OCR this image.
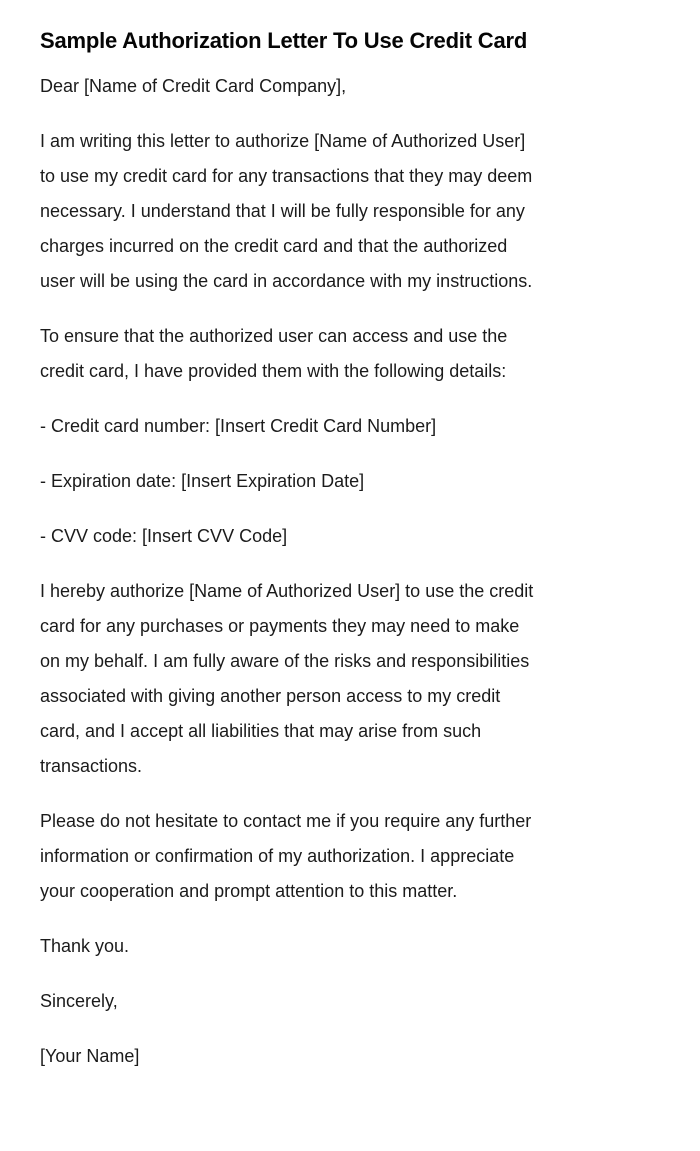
Sample Authorization Letter To Use Credit Card

Dear [Name of Credit Card Company],

I am writing this letter to authorize [Name of Authorized User]
to use my credit card for any transactions that they may deem
necessary. I understand that I will be fully responsible for any
charges incurred on the credit card and that the authorized
user will be using the card in accordance with my instructions.

To ensure that the authorized user can access and use the
credit card, I have provided them with the following details:

- Credit card number: [Insert Credit Card Number]

- Expiration date: [Insert Expiration Date]

- CVV code: [Insert CVV Code]

I hereby authorize [Name of Authorized User] to use the credit
card for any purchases or payments they may need to make
on my behalf. I am fully aware of the risks and responsibilities
associated with giving another person access to my credit
card, and I accept all liabilities that may arise from such
transactions.

Please do not hesitate to contact me if you require any further
information or confirmation of my authorization. I appreciate
your cooperation and prompt attention to this matter.

Thank you.

Sincerely,

[Your Name]
